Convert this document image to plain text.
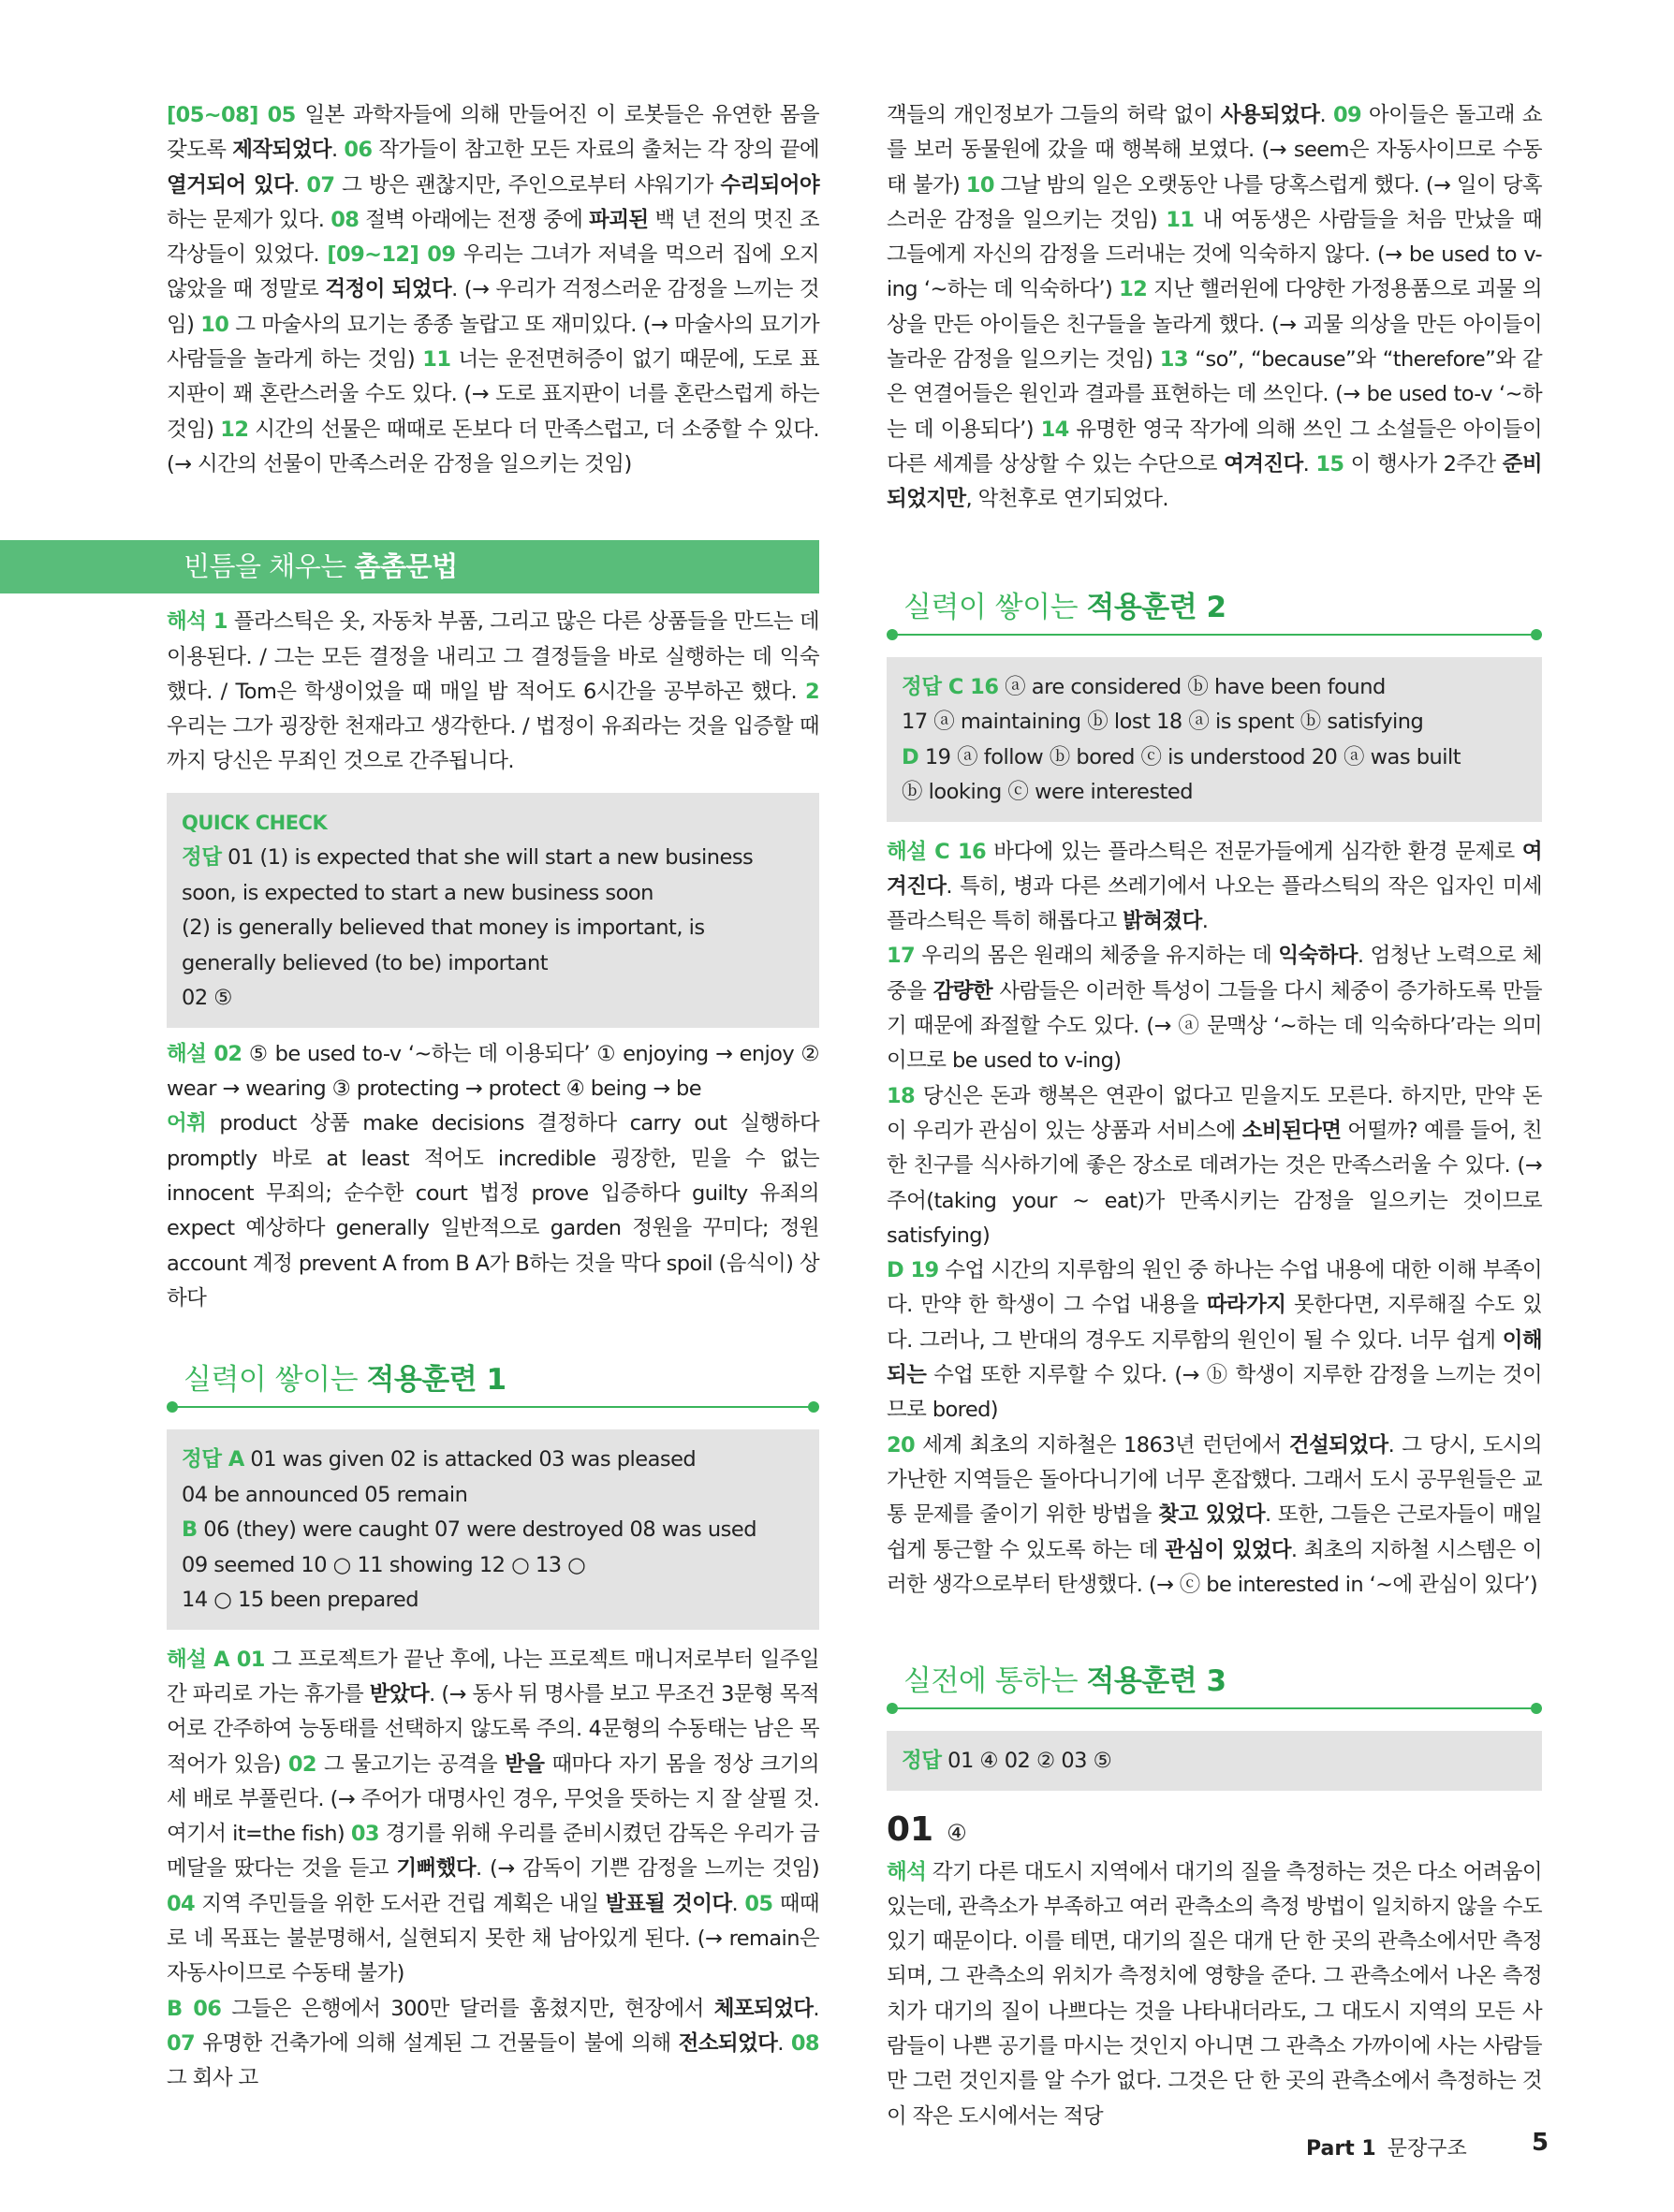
[05~08] 05 일본 과학자들에 의해 만들어진 이 로봇들은 유연한 몸을 갖도록 제작되었다. 06 작가들이 참고한 모든 자료의 출처는 각 장의 끝에 열거되어 있다. 07 그 방은 괜찮지만, 주인으로부터 샤워기가 수리되어야 하는 문제가 있다. 08 절벽 아래에는 전쟁 중에 파괴된 백 년 전의 멋진 조각상들이 있었다. [09~12] 09 우리는 그녀가 저녁을 먹으러 집에 오지 않았을 때 정말로 걱정이 되었다. (→ 우리가 걱정스러운 감정을 느끼는 것임) 10 그 마술사의 묘기는 종종 놀랍고 또 재미있다. (→ 마술사의 묘기가 사람들을 놀라게 하는 것임) 11 너는 운전면허증이 없기 때문에, 도로 표지판이 꽤 혼란스러울 수도 있다. (→ 도로 표지판이 너를 혼란스럽게 하는 것임) 12 시간의 선물은 때때로 돈보다 더 만족스럽고, 더 소중할 수 있다. (→ 시간의 선물이 만족스러운 감정을 일으키는 것임)

빈틈을 채우는 촘촘문법

해석 1 플라스틱은 옷, 자동차 부품, 그리고 많은 다른 상품들을 만드는 데 이용된다. / 그는 모든 결정을 내리고 그 결정들을 바로 실행하는 데 익숙했다. / Tom은 학생이었을 때 매일 밤 적어도 6시간을 공부하곤 했다. 2 우리는 그가 굉장한 천재라고 생각한다. / 법정이 유죄라는 것을 입증할 때까지 당신은 무죄인 것으로 간주됩니다.

QUICK CHECK
정답 01 (1) is expected that she will start a new business soon, is expected to start a new business soon
(2) is generally believed that money is important, is generally believed (to be) important
02 ⑤

해설 02 ⑤ be used to-v ‘~하는 데 이용되다’ ① enjoying → enjoy ② wear → wearing ③ protecting → protect ④ being → be

어휘 product 상품 make decisions 결정하다 carry out 실행하다 promptly 바로 at least 적어도 incredible 굉장한, 믿을 수 없는 innocent 무죄의; 순수한 court 법정 prove 입증하다 guilty 유죄의 expect 예상하다 generally 일반적으로 garden 정원을 꾸미다; 정원 account 계정 prevent A from B A가 B하는 것을 막다 spoil (음식이) 상하다

실력이 쌓이는 적용훈련 1
정답 A 01 was given 02 is attacked 03 was pleased
04 be announced 05 remain
B 06 (they) were caught 07 were destroyed 08 was used
09 seemed 10 ○ 11 showing 12 ○ 13 ○
14 ○ 15 been prepared

해설 A 01 그 프로젝트가 끝난 후에, 나는 프로젝트 매니저로부터 일주일간 파리로 가는 휴가를 받았다. (→ 동사 뒤 명사를 보고 무조건 3문형 목적어로 간주하여 능동태를 선택하지 않도록 주의. 4문형의 수동태는 남은 목적어가 있음) 02 그 물고기는 공격을 받을 때마다 자기 몸을 정상 크기의 세 배로 부풀린다. (→ 주어가 대명사인 경우, 무엇을 뜻하는 지 잘 살필 것. 여기서 it=the fish) 03 경기를 위해 우리를 준비시켰던 감독은 우리가 금메달을 땄다는 것을 듣고 기뻐했다. (→ 감독이 기쁜 감정을 느끼는 것임) 04 지역 주민들을 위한 도서관 건립 계획은 내일 발표될 것이다. 05 때때로 네 목표는 불분명해서, 실현되지 못한 채 남아있게 된다. (→ remain은 자동사이므로 수동태 불가)

B 06 그들은 은행에서 300만 달러를 훔쳤지만, 현장에서 체포되었다. 07 유명한 건축가에 의해 설계된 그 건물들이 불에 의해 전소되었다. 08 그 회사 고

객들의 개인정보가 그들의 허락 없이 사용되었다. 09 아이들은 돌고래 쇼를 보러 동물원에 갔을 때 행복해 보였다. (→ seem은 자동사이므로 수동태 불가) 10 그날 밤의 일은 오랫동안 나를 당혹스럽게 했다. (→ 일이 당혹스러운 감정을 일으키는 것임) 11 내 여동생은 사람들을 처음 만났을 때 그들에게 자신의 감정을 드러내는 것에 익숙하지 않다. (→ be used to v-ing ‘~하는 데 익숙하다’) 12 지난 핼러윈에 다양한 가정용품으로 괴물 의상을 만든 아이들은 친구들을 놀라게 했다. (→ 괴물 의상을 만든 아이들이 놀라운 감정을 일으키는 것임) 13 “so”, “because”와 “therefore”와 같은 연결어들은 원인과 결과를 표현하는 데 쓰인다. (→ be used to-v ‘~하는 데 이용되다’) 14 유명한 영국 작가에 의해 쓰인 그 소설들은 아이들이 다른 세계를 상상할 수 있는 수단으로 여겨진다. 15 이 행사가 2주간 준비되었지만, 악천후로 연기되었다.

실력이 쌓이는 적용훈련 2
정답 C 16 ⓐ are considered ⓑ have been found
17 ⓐ maintaining ⓑ lost 18 ⓐ is spent ⓑ satisfying
D 19 ⓐ follow ⓑ bored ⓒ is understood 20 ⓐ was built
ⓑ looking ⓒ were interested

해설 C 16 바다에 있는 플라스틱은 전문가들에게 심각한 환경 문제로 여겨진다. 특히, 병과 다른 쓰레기에서 나오는 플라스틱의 작은 입자인 미세 플라스틱은 특히 해롭다고 밝혀졌다.

17 우리의 몸은 원래의 체중을 유지하는 데 익숙하다. 엄청난 노력으로 체중을 감량한 사람들은 이러한 특성이 그들을 다시 체중이 증가하도록 만들기 때문에 좌절할 수도 있다. (→ ⓐ 문맥상 ‘~하는 데 익숙하다’라는 의미이므로 be used to v-ing)

18 당신은 돈과 행복은 연관이 없다고 믿을지도 모른다. 하지만, 만약 돈이 우리가 관심이 있는 상품과 서비스에 소비된다면 어떨까? 예를 들어, 친한 친구를 식사하기에 좋은 장소로 데려가는 것은 만족스러울 수 있다. (→ 주어(taking your ~ eat)가 만족시키는 감정을 일으키는 것이므로 satisfying)

D 19 수업 시간의 지루함의 원인 중 하나는 수업 내용에 대한 이해 부족이다. 만약 한 학생이 그 수업 내용을 따라가지 못한다면, 지루해질 수도 있다. 그러나, 그 반대의 경우도 지루함의 원인이 될 수 있다. 너무 쉽게 이해되는 수업 또한 지루할 수 있다. (→ ⓑ 학생이 지루한 감정을 느끼는 것이므로 bored)

20 세계 최초의 지하철은 1863년 런던에서 건설되었다. 그 당시, 도시의 가난한 지역들은 돌아다니기에 너무 혼잡했다. 그래서 도시 공무원들은 교통 문제를 줄이기 위한 방법을 찾고 있었다. 또한, 그들은 근로자들이 매일 쉽게 통근할 수 있도록 하는 데 관심이 있었다. 최초의 지하철 시스템은 이러한 생각으로부터 탄생했다. (→ ⓒ be interested in ‘~에 관심이 있다’)

실전에 통하는 적용훈련 3
정답 01 ④ 02 ② 03 ⑤

01 ④

해석 각기 다른 대도시 지역에서 대기의 질을 측정하는 것은 다소 어려움이 있는데, 관측소가 부족하고 여러 관측소의 측정 방법이 일치하지 않을 수도 있기 때문이다. 이를 테면, 대기의 질은 대개 단 한 곳의 관측소에서만 측정되며, 그 관측소의 위치가 측정치에 영향을 준다. 그 관측소에서 나온 측정치가 대기의 질이 나쁘다는 것을 나타내더라도, 그 대도시 지역의 모든 사람들이 나쁜 공기를 마시는 것인지 아니면 그 관측소 가까이에 사는 사람들만 그런 것인지를 알 수가 없다. 그것은 단 한 곳의 관측소에서 측정하는 것이 작은 도시에서는 적당

Part 1 문장구조	5
